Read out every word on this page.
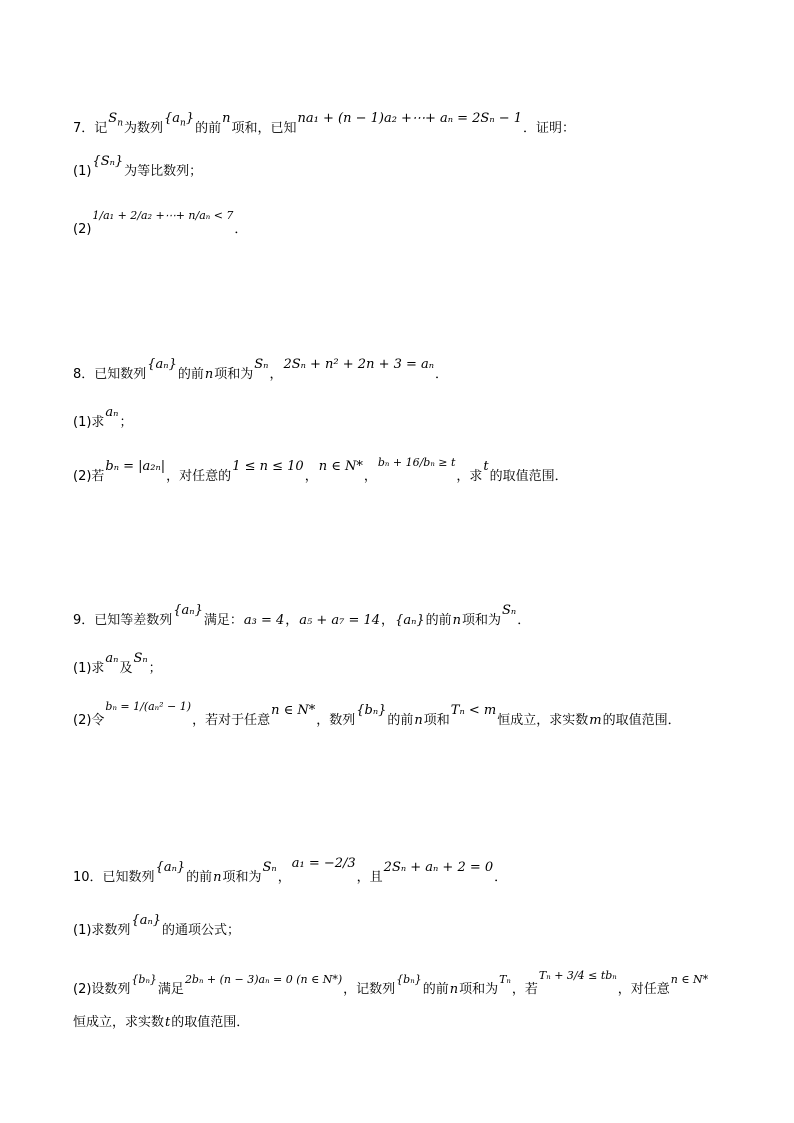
7．记
$S_n$ 为数列
$\{a_n\}$
的前
n
项和，已知
na₁ + (n − 1)a₂ +⋯+ aₙ = 2Sₙ − 1
．证明：
(1)
{Sₙ}
为等比数列；
(2)
1/a₁ + 2/a₂ +⋯+ n/aₙ < 7
．
8．已知数列
{aₙ}
的前 n 项和为
Sₙ
，
2Sₙ + n² + 2n + 3 = aₙ
．
(1)求
aₙ
；
(2)若
bₙ = |a₂ₙ|
，对任意的
1 ≤ n ≤ 10
，
n ∈ N*
，
bₙ + 16/bₙ ≥ t
，求
t
的取值范围．
9．已知等差数列
{aₙ}
满足： a₃ = 4 ， a₅ + a₇ = 14 ， {aₙ} 的前 n 项和为
Sₙ
．
(1)求
aₙ
及
Sₙ
；
(2)令
bₙ = 1/(aₙ² − 1)
，若对于任意
n ∈ N*
，数列
{bₙ}
的前 n 项和
Tₙ < m
恒成立，求实数 m 的取值范围．
10．已知数列
{aₙ}
的前 n 项和为
Sₙ
，
a₁ = −2/3
，且
2Sₙ + aₙ + 2 = 0
．
(1)求数列
{aₙ}
的通项公式；
(2)设数列
{bₙ}
满足
2bₙ + (n − 3)aₙ = 0 (n ∈ N*)
，记数列
{bₙ}
的前 n 项和为
Tₙ
，若
Tₙ + 3/4 ≤ tbₙ
，对任意
n ∈ N*
恒成立，求实数 t 的取值范围．
